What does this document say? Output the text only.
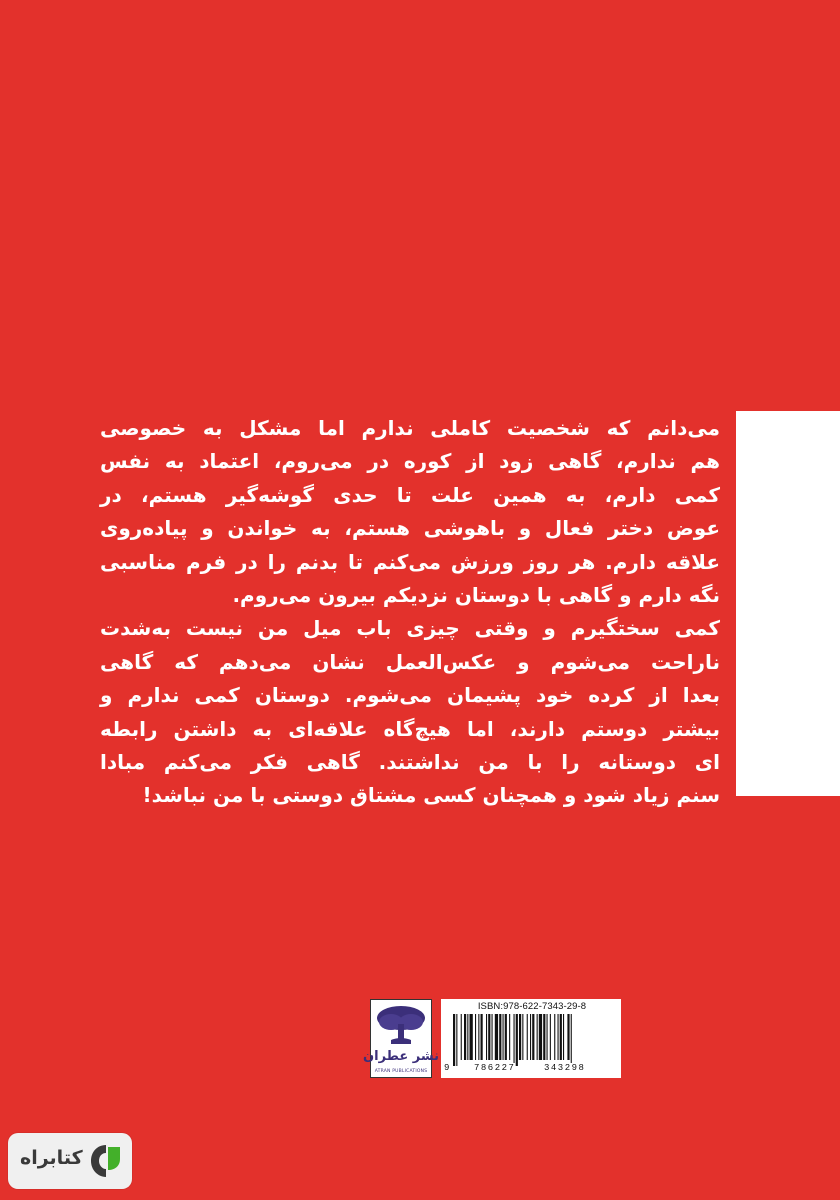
می‌دانم که شخصیت کاملی ندارم اما مشکل به خصوصی
هم ندارم، گاهی زود از کوره در می‌روم، اعتماد به نفس
کمی دارم، به همین علت تا حدی گوشه‌گیر هستم، در
عوض دختر فعال و باهوشی هستم، به خواندن و پیاده‌روی
علاقه دارم. هر روز ورزش می‌کنم تا بدنم را در فرم مناسبی
نگه دارم و گاهی با دوستان نزدیکم بیرون می‌روم.
کمی سختگیرم و وقتی چیزی باب میل من نیست به‌شدت
ناراحت می‌شوم و عکس‌العمل نشان می‌دهم که گاهی
بعدا از کرده خود پشیمان می‌شوم. دوستان کمی ندارم و
بیشتر دوستم دارند، اما هیچ‌گاه علاقه‌ای به داشتن رابطه
ای دوستانه را با من نداشتند. گاهی فکر می‌کنم مبادا
سنم زیاد شود و همچنان کسی مشتاق دوستی با من نباشد!
نشر عطران
ATRAN PUBLICATIONS
ISBN:978-622-7343-29-8
9	786227	343298
کتابراه
